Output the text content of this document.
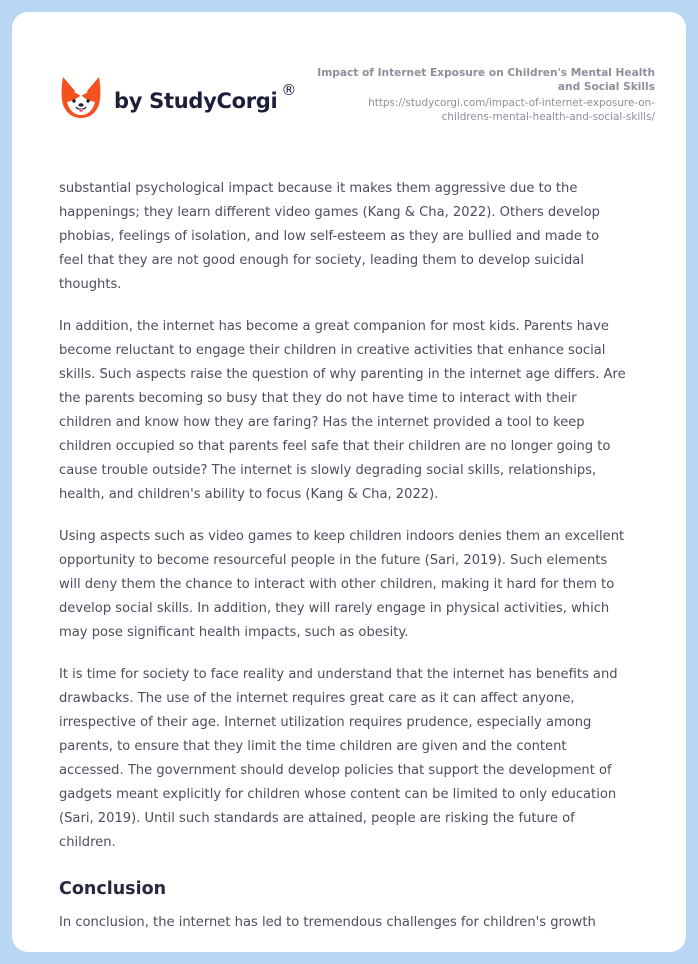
by StudyCorgi ®
Impact of Internet Exposure on Children's Mental Health
and Social Skills
https://studycorgi.com/impact-of-internet-exposure-on-
childrens-mental-health-and-social-skills/

substantial psychological impact because it makes them aggressive due to the
happenings; they learn different video games (Kang & Cha, 2022). Others develop
phobias, feelings of isolation, and low self-esteem as they are bullied and made to
feel that they are not good enough for society, leading them to develop suicidal
thoughts.

In addition, the internet has become a great companion for most kids. Parents have
become reluctant to engage their children in creative activities that enhance social
skills. Such aspects raise the question of why parenting in the internet age differs. Are
the parents becoming so busy that they do not have time to interact with their
children and know how they are faring? Has the internet provided a tool to keep
children occupied so that parents feel safe that their children are no longer going to
cause trouble outside? The internet is slowly degrading social skills, relationships,
health, and children's ability to focus (Kang & Cha, 2022).

Using aspects such as video games to keep children indoors denies them an excellent
opportunity to become resourceful people in the future (Sari, 2019). Such elements
will deny them the chance to interact with other children, making it hard for them to
develop social skills. In addition, they will rarely engage in physical activities, which
may pose significant health impacts, such as obesity.

It is time for society to face reality and understand that the internet has benefits and
drawbacks. The use of the internet requires great care as it can affect anyone,
irrespective of their age. Internet utilization requires prudence, especially among
parents, to ensure that they limit the time children are given and the content
accessed. The government should develop policies that support the development of
gadgets meant explicitly for children whose content can be limited to only education
(Sari, 2019). Until such standards are attained, people are risking the future of
children.

Conclusion

In conclusion, the internet has led to tremendous challenges for children's growth
